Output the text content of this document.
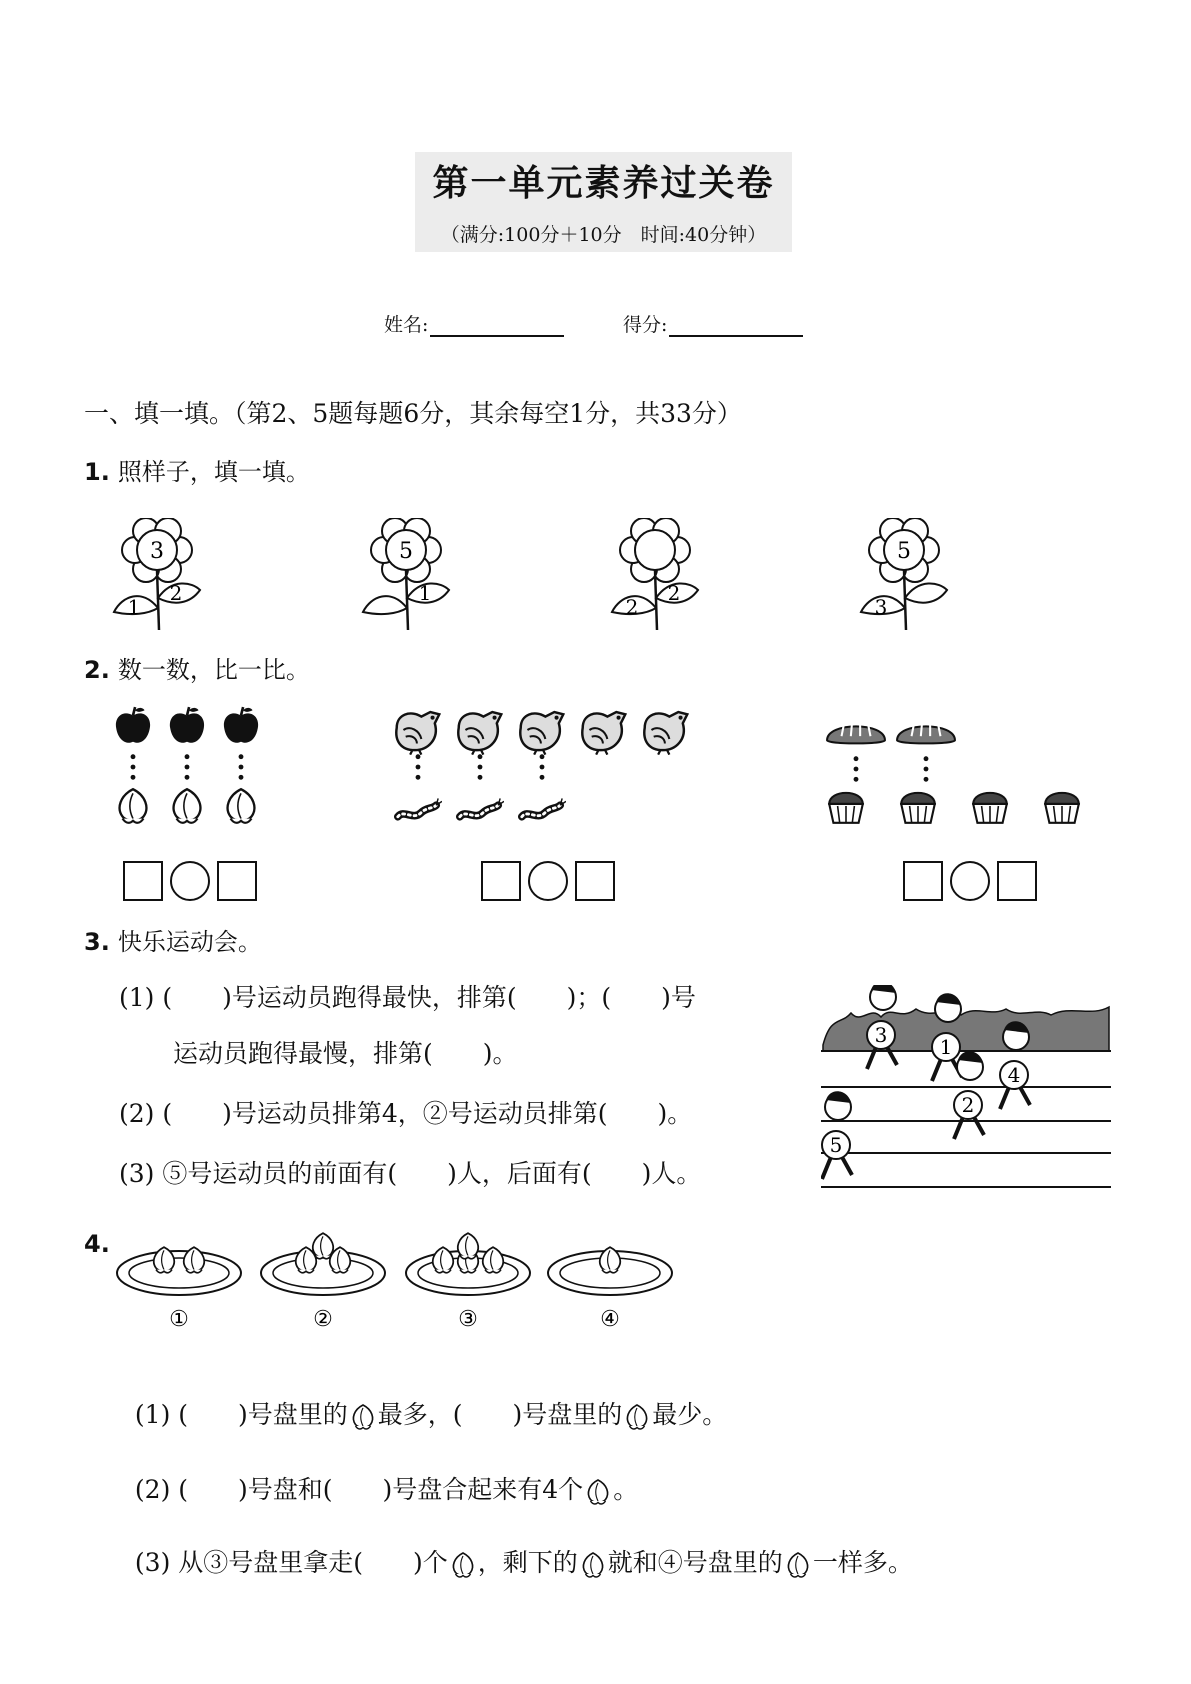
第一单元素养过关卷
（满分:100分＋10分　时间:40分钟）
姓名:	得分:
一、填一填。（第2、5题每题6分，其余每空1分，共33分）
1. 照样子，填一填。
3
1
2
5
1
2
2
5
3
2. 数一数，比一比。
3. 快乐运动会。
(1) (　　)号运动员跑得最快，排第(　　)；(　　)号
运动员跑得最慢，排第(　　)。
(2) (　　)号运动员排第4，②号运动员排第(　　)。
(3) ⑤号运动员的前面有(　　)人，后面有(　　)人。
3	1
4
2
5
4.
①	②	③	④

(1) (　　)号盘里的 最多，(　　)号盘里的 最少。

(2) (　　)号盘和(　　)号盘合起来有4个 。

(3) 从③号盘里拿走(　　)个 ，剩下的 就和④号盘里的 一样多。
